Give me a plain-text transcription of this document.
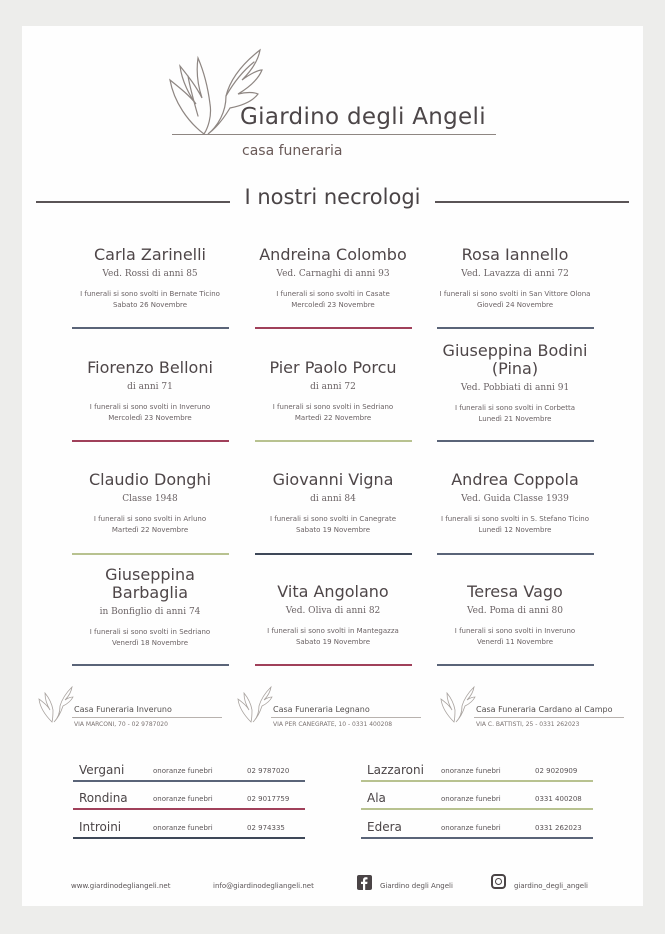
Giardino degli Angeli
casa funeraria
I nostri necrologi
Carla Zarinelli
Ved. Rossi di anni 85
I funerali si sono svolti in Bernate Ticino
Sabato 26 Novembre
Andreina Colombo
Ved. Carnaghi di anni 93
I funerali si sono svolti in Casate
Mercoledì 23 Novembre
Rosa Iannello
Ved. Lavazza di anni 72
I funerali si sono svolti in San Vittore Olona
Giovedì 24 Novembre
Fiorenzo Belloni
di anni 71
I funerali si sono svolti in Inveruno
Mercoledì 23 Novembre
Pier Paolo Porcu
di anni 72
I funerali si sono svolti in Sedriano
Martedì 22 Novembre
Giuseppina Bodini (Pina)
Ved. Pobbiati di anni 91
I funerali si sono svolti in Corbetta
Lunedì 21 Novembre
Claudio Donghi
Classe 1948
I funerali si sono svolti in Arluno
Martedì 22 Novembre
Giovanni Vigna
di anni 84
I funerali si sono svolti in Canegrate
Sabato 19 Novembre
Andrea Coppola
Ved. Guida Classe 1939
I funerali si sono svolti in S. Stefano Ticino
Lunedì 12 Novembre
Giuseppina Barbaglia
in Bonfiglio di anni 74
I funerali si sono svolti in Sedriano
Venerdì 18 Novembre
Vita Angolano
Ved. Oliva di anni 82
I funerali si sono svolti in Mantegazza
Sabato 19 Novembre
Teresa Vago
Ved. Poma di anni 80
I funerali si sono svolti in Inveruno
Venerdì 11 Novembre
Casa Funeraria Inveruno
VIA MARCONI, 70 - 02 9787020
Casa Funeraria Legnano
VIA PER CANEGRATE, 10 - 0331 400208
Casa Funeraria Cardano al Campo
VIA C. BATTISTI, 25 - 0331 262023
Vergani	onoranze funebri	02 9787020
Rondina	onoranze funebri	02 9017759
Introini	onoranze funebri	02 974335
Lazzaroni onoranze funebri	02 9020909
Ala	onoranze funebri	0331 400208
Edera	onoranze funebri	0331 262023
www.giardinodegliangeli.net	info@giardinodegliangeli.net	Giardino degli Angeli	giardino_degli_angeli
